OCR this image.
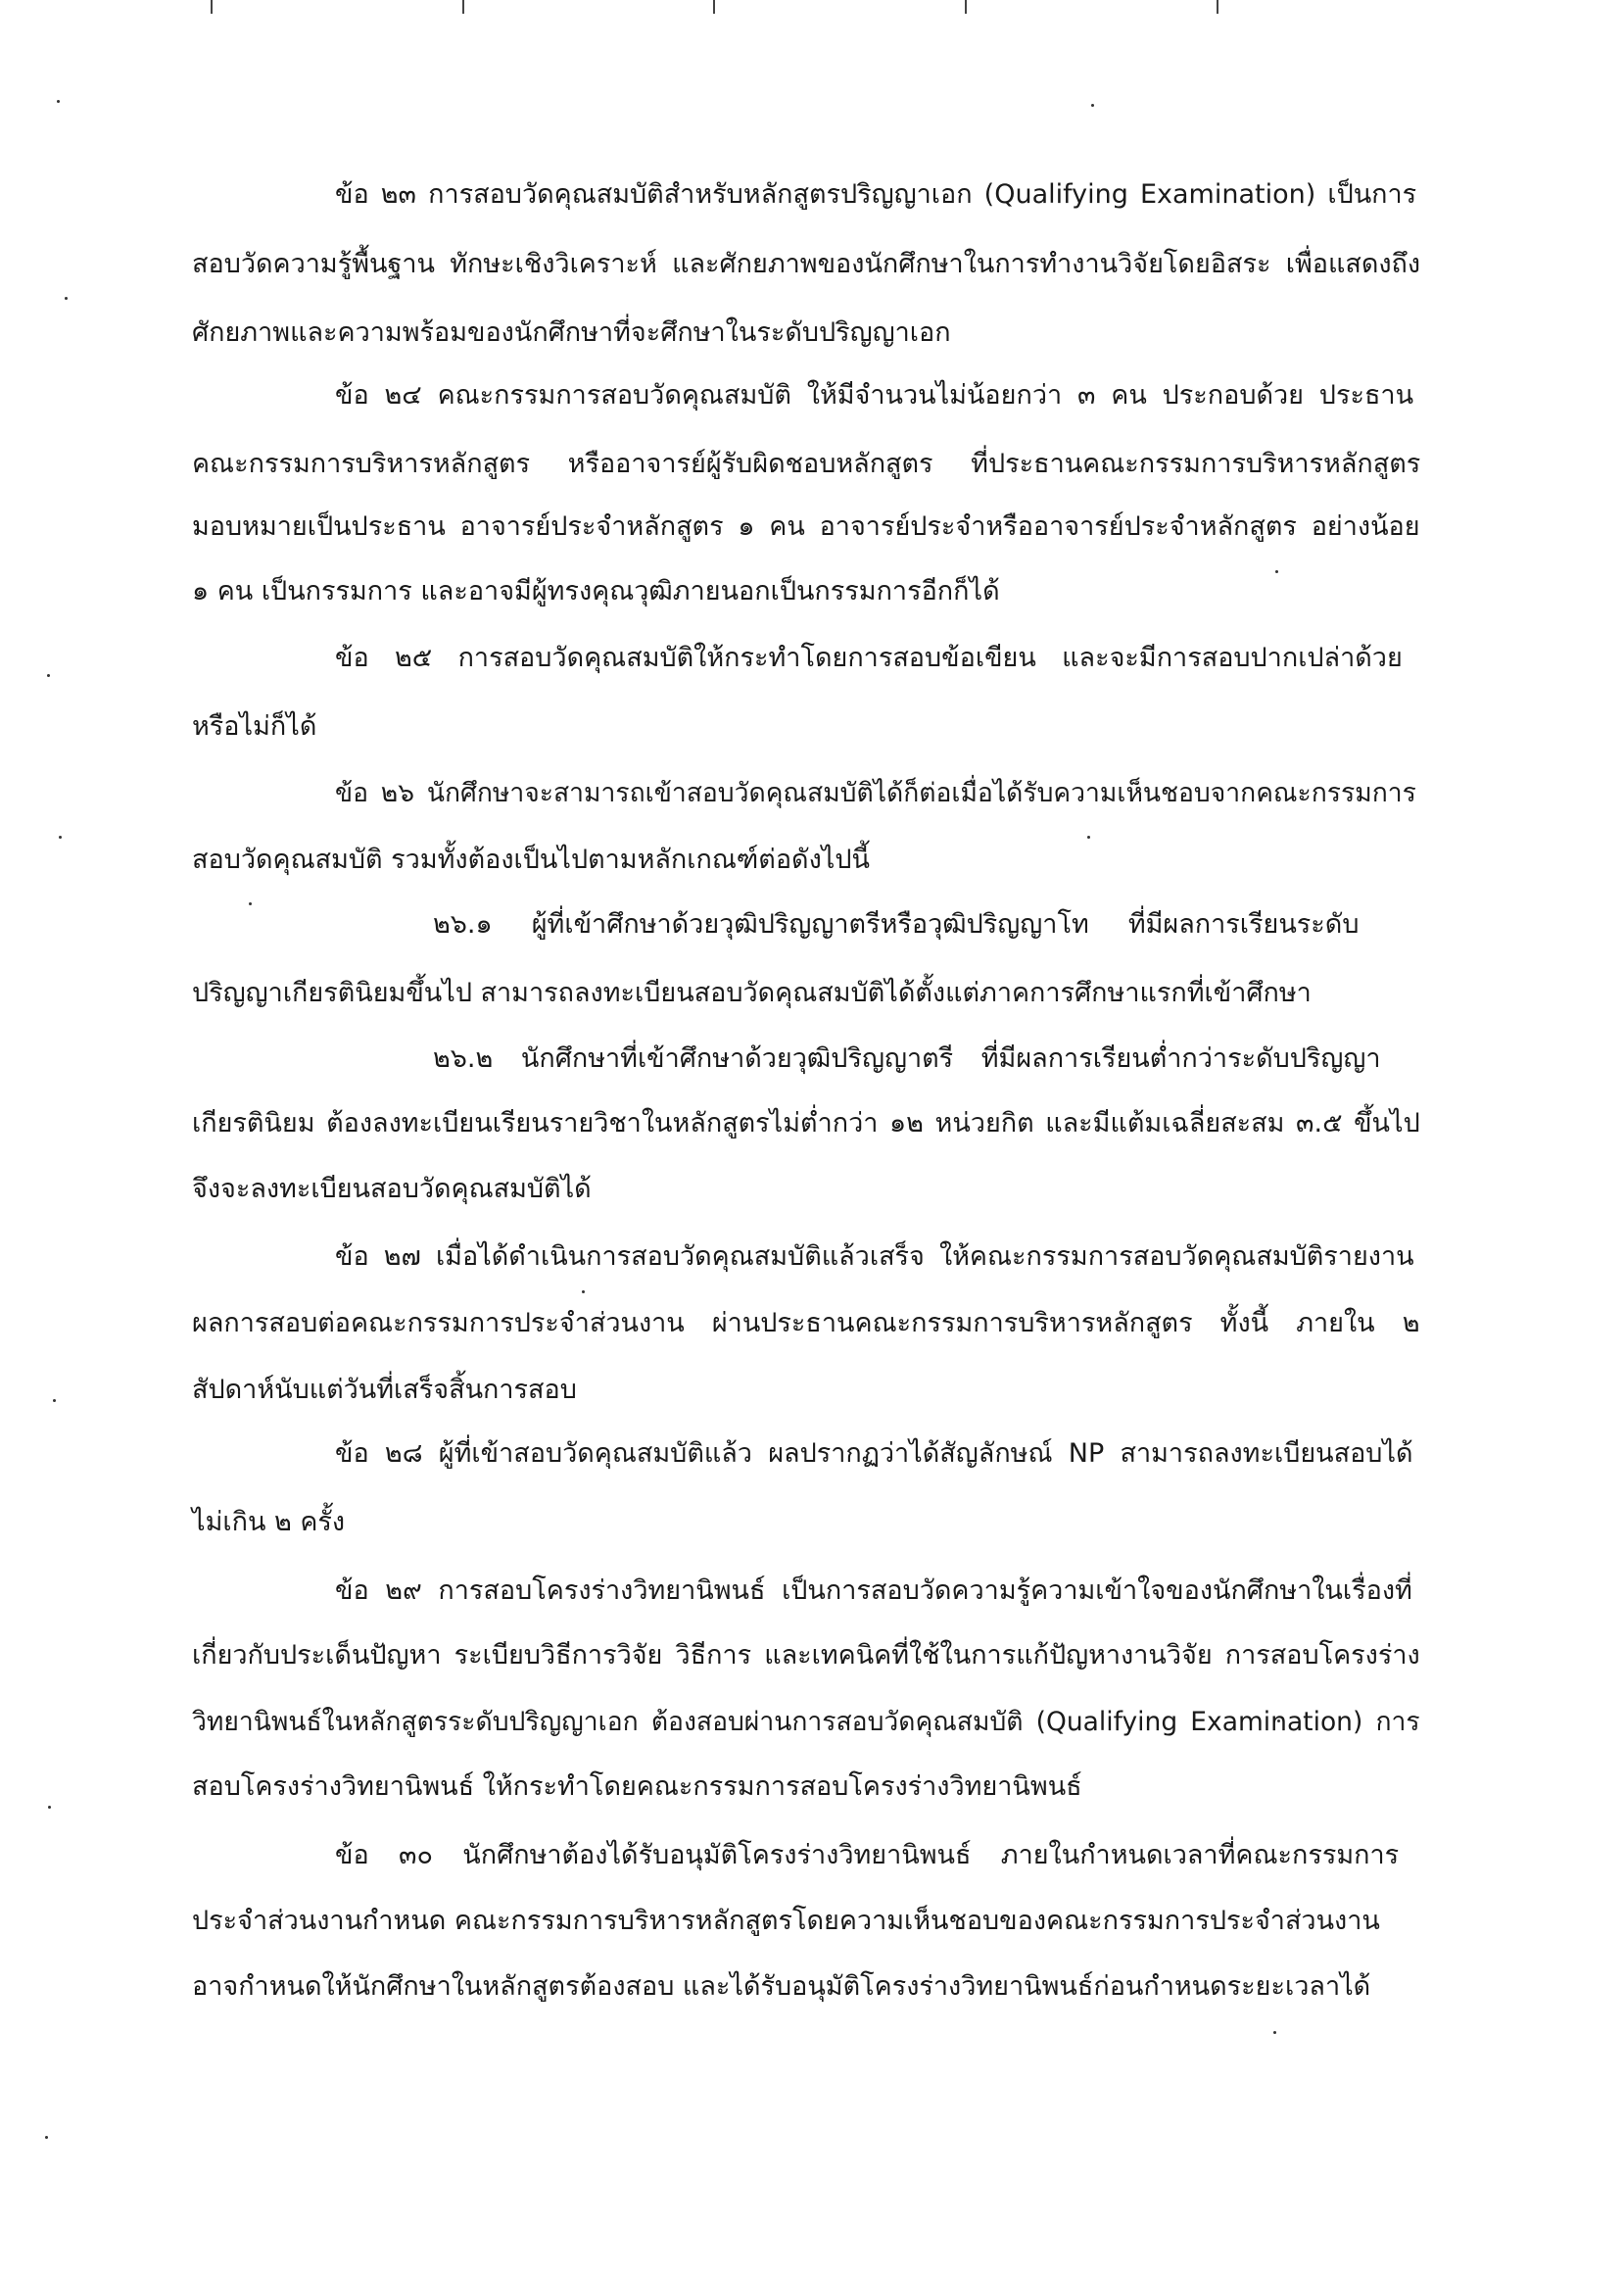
ข้อ ๒๓ การสอบวัดคุณสมบัติสำหรับหลักสูตรปริญญาเอก (Qualifying Examination) เป็นการ
สอบวัดความรู้พื้นฐาน ทักษะเชิงวิเคราะห์ และศักยภาพของนักศึกษาในการทำงานวิจัยโดยอิสระ เพื่อแสดงถึง
ศักยภาพและความพร้อมของนักศึกษาที่จะศึกษาในระดับปริญญาเอก
ข้อ ๒๔ คณะกรรมการสอบวัดคุณสมบัติ ให้มีจำนวนไม่น้อยกว่า ๓ คน ประกอบด้วย ประธาน
คณะกรรมการบริหารหลักสูตร หรืออาจารย์ผู้รับผิดชอบหลักสูตร ที่ประธานคณะกรรมการบริหารหลักสูตร
มอบหมายเป็นประธาน อาจารย์ประจำหลักสูตร ๑ คน อาจารย์ประจำหรืออาจารย์ประจำหลักสูตร อย่างน้อย
๑ คน เป็นกรรมการ และอาจมีผู้ทรงคุณวุฒิภายนอกเป็นกรรมการอีกก็ได้
ข้อ ๒๕ การสอบวัดคุณสมบัติให้กระทำโดยการสอบข้อเขียน และจะมีการสอบปากเปล่าด้วย
หรือไม่ก็ได้
ข้อ ๒๖ นักศึกษาจะสามารถเข้าสอบวัดคุณสมบัติได้ก็ต่อเมื่อได้รับความเห็นชอบจากคณะกรรมการ
สอบวัดคุณสมบัติ รวมทั้งต้องเป็นไปตามหลักเกณฑ์ต่อดังไปนี้
๒๖.๑ ผู้ที่เข้าศึกษาด้วยวุฒิปริญญาตรีหรือวุฒิปริญญาโท ที่มีผลการเรียนระดับ
ปริญญาเกียรตินิยมขึ้นไป สามารถลงทะเบียนสอบวัดคุณสมบัติได้ตั้งแต่ภาคการศึกษาแรกที่เข้าศึกษา
๒๖.๒ นักศึกษาที่เข้าศึกษาด้วยวุฒิปริญญาตรี ที่มีผลการเรียนต่ำกว่าระดับปริญญา
เกียรตินิยม ต้องลงทะเบียนเรียนรายวิชาในหลักสูตรไม่ต่ำกว่า ๑๒ หน่วยกิต และมีแต้มเฉลี่ยสะสม ๓.๕ ขึ้นไป
จึงจะลงทะเบียนสอบวัดคุณสมบัติได้
ข้อ ๒๗ เมื่อได้ดำเนินการสอบวัดคุณสมบัติแล้วเสร็จ ให้คณะกรรมการสอบวัดคุณสมบัติรายงาน
ผลการสอบต่อคณะกรรมการประจำส่วนงาน ผ่านประธานคณะกรรมการบริหารหลักสูตร ทั้งนี้ ภายใน ๒
สัปดาห์นับแต่วันที่เสร็จสิ้นการสอบ
ข้อ ๒๘ ผู้ที่เข้าสอบวัดคุณสมบัติแล้ว ผลปรากฏว่าได้สัญลักษณ์ NP สามารถลงทะเบียนสอบได้
ไม่เกิน ๒ ครั้ง
ข้อ ๒๙ การสอบโครงร่างวิทยานิพนธ์ เป็นการสอบวัดความรู้ความเข้าใจของนักศึกษาในเรื่องที่
เกี่ยวกับประเด็นปัญหา ระเบียบวิธีการวิจัย วิธีการ และเทคนิคที่ใช้ในการแก้ปัญหางานวิจัย การสอบโครงร่าง
วิทยานิพนธ์ในหลักสูตรระดับปริญญาเอก ต้องสอบผ่านการสอบวัดคุณสมบัติ (Qualifying Examination) การ
สอบโครงร่างวิทยานิพนธ์ ให้กระทำโดยคณะกรรมการสอบโครงร่างวิทยานิพนธ์
ข้อ ๓๐ นักศึกษาต้องได้รับอนุมัติโครงร่างวิทยานิพนธ์ ภายในกำหนดเวลาที่คณะกรรมการ
ประจำส่วนงานกำหนด คณะกรรมการบริหารหลักสูตรโดยความเห็นชอบของคณะกรรมการประจำส่วนงาน
อาจกำหนดให้นักศึกษาในหลักสูตรต้องสอบ และได้รับอนุมัติโครงร่างวิทยานิพนธ์ก่อนกำหนดระยะเวลาได้
